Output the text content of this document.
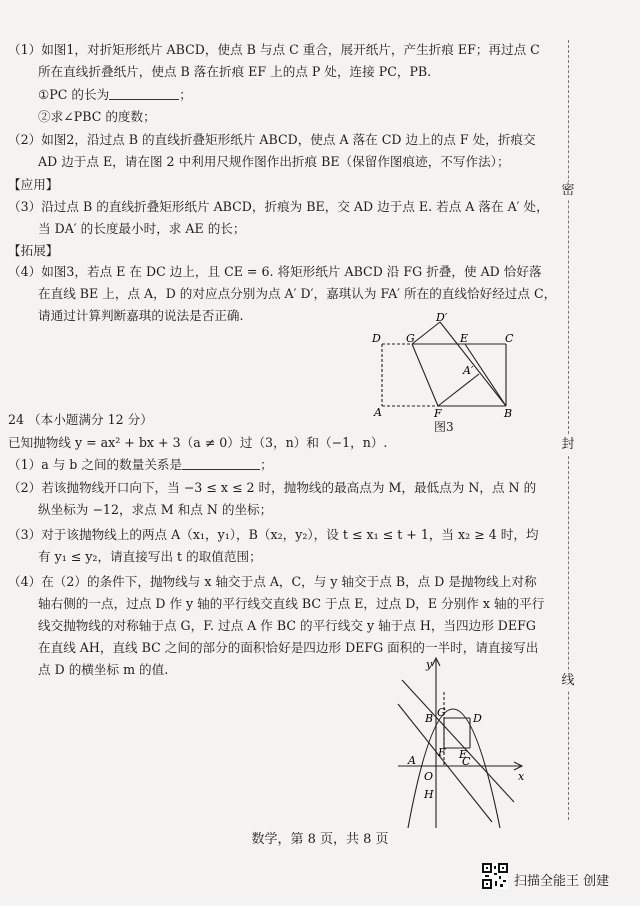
密
封
线
（1）如图1，对折矩形纸片 ABCD，使点 B 与点 C 重合，展开纸片，产生折痕 EF；再过点 C
所在直线折叠纸片，使点 B 落在折痕 EF 上的点 P 处，连接 PC，PB.
①PC 的长为	；
②求∠PBC 的度数；
（2）如图2，沿过点 B 的直线折叠矩形纸片 ABCD，使点 A 落在 CD 边上的点 F 处，折痕交
AD 边于点 E，请在图 2 中利用尺规作图作出折痕 BE（保留作图痕迹，不写作法）；
【应用】
（3）沿过点 B 的直线折叠矩形纸片 ABCD，折痕为 BE，交 AD 边于点 E. 若点 A 落在 A′ 处，
当 DA′ 的长度最小时，求 AE 的长；
【拓展】
（4）如图3，若点 E 在 DC 边上，且 CE = 6. 将矩形纸片 ABCD 沿 FG 折叠，使 AD 恰好落
在直线 BE 上，点 A，D 的对应点分别为点 A′ D′，嘉琪认为 FA′ 所在的直线恰好经过点 C，
请通过计算判断嘉琪的说法是否正确.
D G
D′
E	C
A′
A	F	B
图3
24 （本小题满分 12 分）
已知抛物线 y = ax² + bx + 3（a ≠ 0）过（3，n）和（−1，n）.
（1）a 与 b 之间的数量关系是	；
（2）若该抛物线开口向下，当 −3 ≤ x ≤ 2 时，抛物线的最高点为 M，最低点为 N，点 N 的
纵坐标为 −12，求点 M 和点 N 的坐标；
（3）对于该抛物线上的两点 A（x₁，y₁），B（x₂，y₂），设 t ≤ x₁ ≤ t + 1，当 x₂ ≥ 4 时，均
有 y₁ ≤ y₂，请直接写出 t 的取值范围；
（4）在（2）的条件下，抛物线与 x 轴交于点 A，C，与 y 轴交于点 B，点 D 是抛物线上对称
轴右侧的一点，过点 D 作 y 轴的平行线交直线 BC 于点 E，过点 D，E 分别作 x 轴的平行
线交抛物线的对称轴于点 G，F. 过点 A 作 BC 的平行线交 y 轴于点 H，当四边形 DEFG
在直线 AH，直线 BC 之间的部分的面积恰好是四边形 DEFG 面积的一半时，请直接写出
点 D 的横坐标 m 的值.	y
x
B G D
F E
A
O
C
H
数学，第 8 页，共 8 页
扫描全能王 创建
